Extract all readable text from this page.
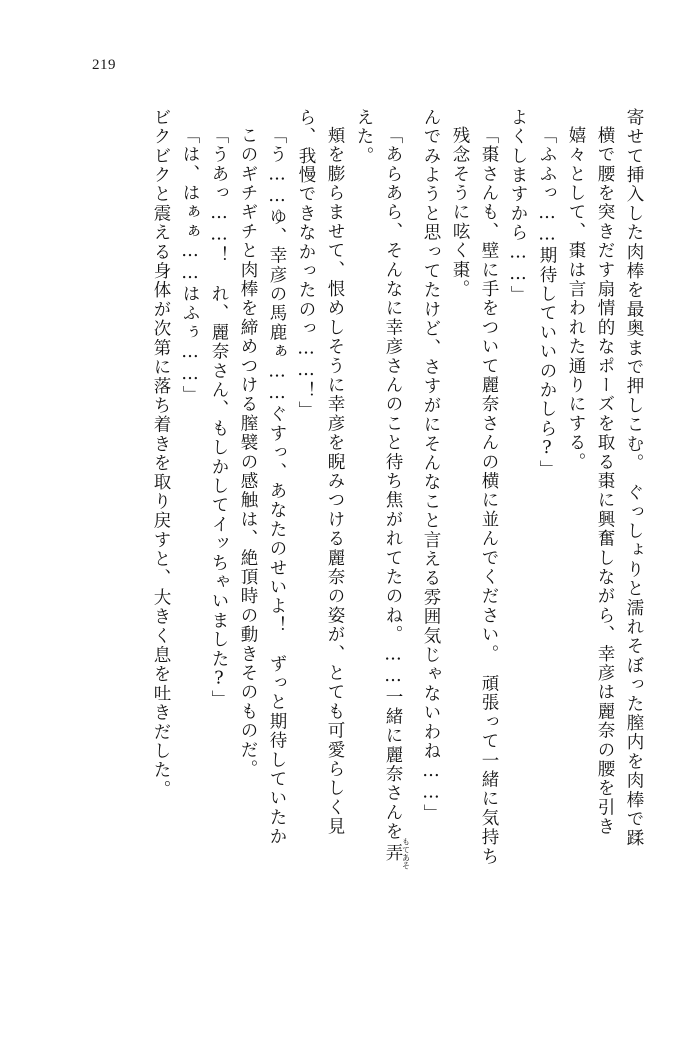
219
ビクビクと震える身体が次第に落ち着きを取り戻すと、大きく息を吐きだした。 「は、はぁぁ……はふぅ……」 「うあっ……！　れ、麗奈さん、もしかしてイッちゃいました?」 このギチギチと肉棒を締めつける膣襞の感触は、絶頂時の動きそのものだ。 「う……ゆ、幸彦の馬鹿ぁ……ぐすっ、あなたのせいよ！　ずっと期待していたか ら、我慢できなかったのっ……！」 頬を膨らませて、恨めしそうに幸彦を睨みつける麗奈の姿が、とても可愛らしく見 えた。 「あらあら、そんなに幸彦さんのこと待ち焦がれてたのね。……一緒に麗奈さんを弄もてあそ
んでみようと思ってたけど、さすがにそんなこと言える雰囲気じゃないわね……」 残念そうに呟く棗。 「棗さんも、壁に手をついて麗奈さんの横に並んでください。　頑張って一緒に気持ち よくしますから……」 「ふふっ……期待していいのかしら?」 嬉々として、棗は言われた通りにする。 横で腰を突きだす扇情的なポーズを取る棗に興奮しながら、幸彦は麗奈の腰を引き 寄せて挿入した肉棒を最奥まで押しこむ。　ぐっしょりと濡れそぼった膣内を肉棒で蹂
